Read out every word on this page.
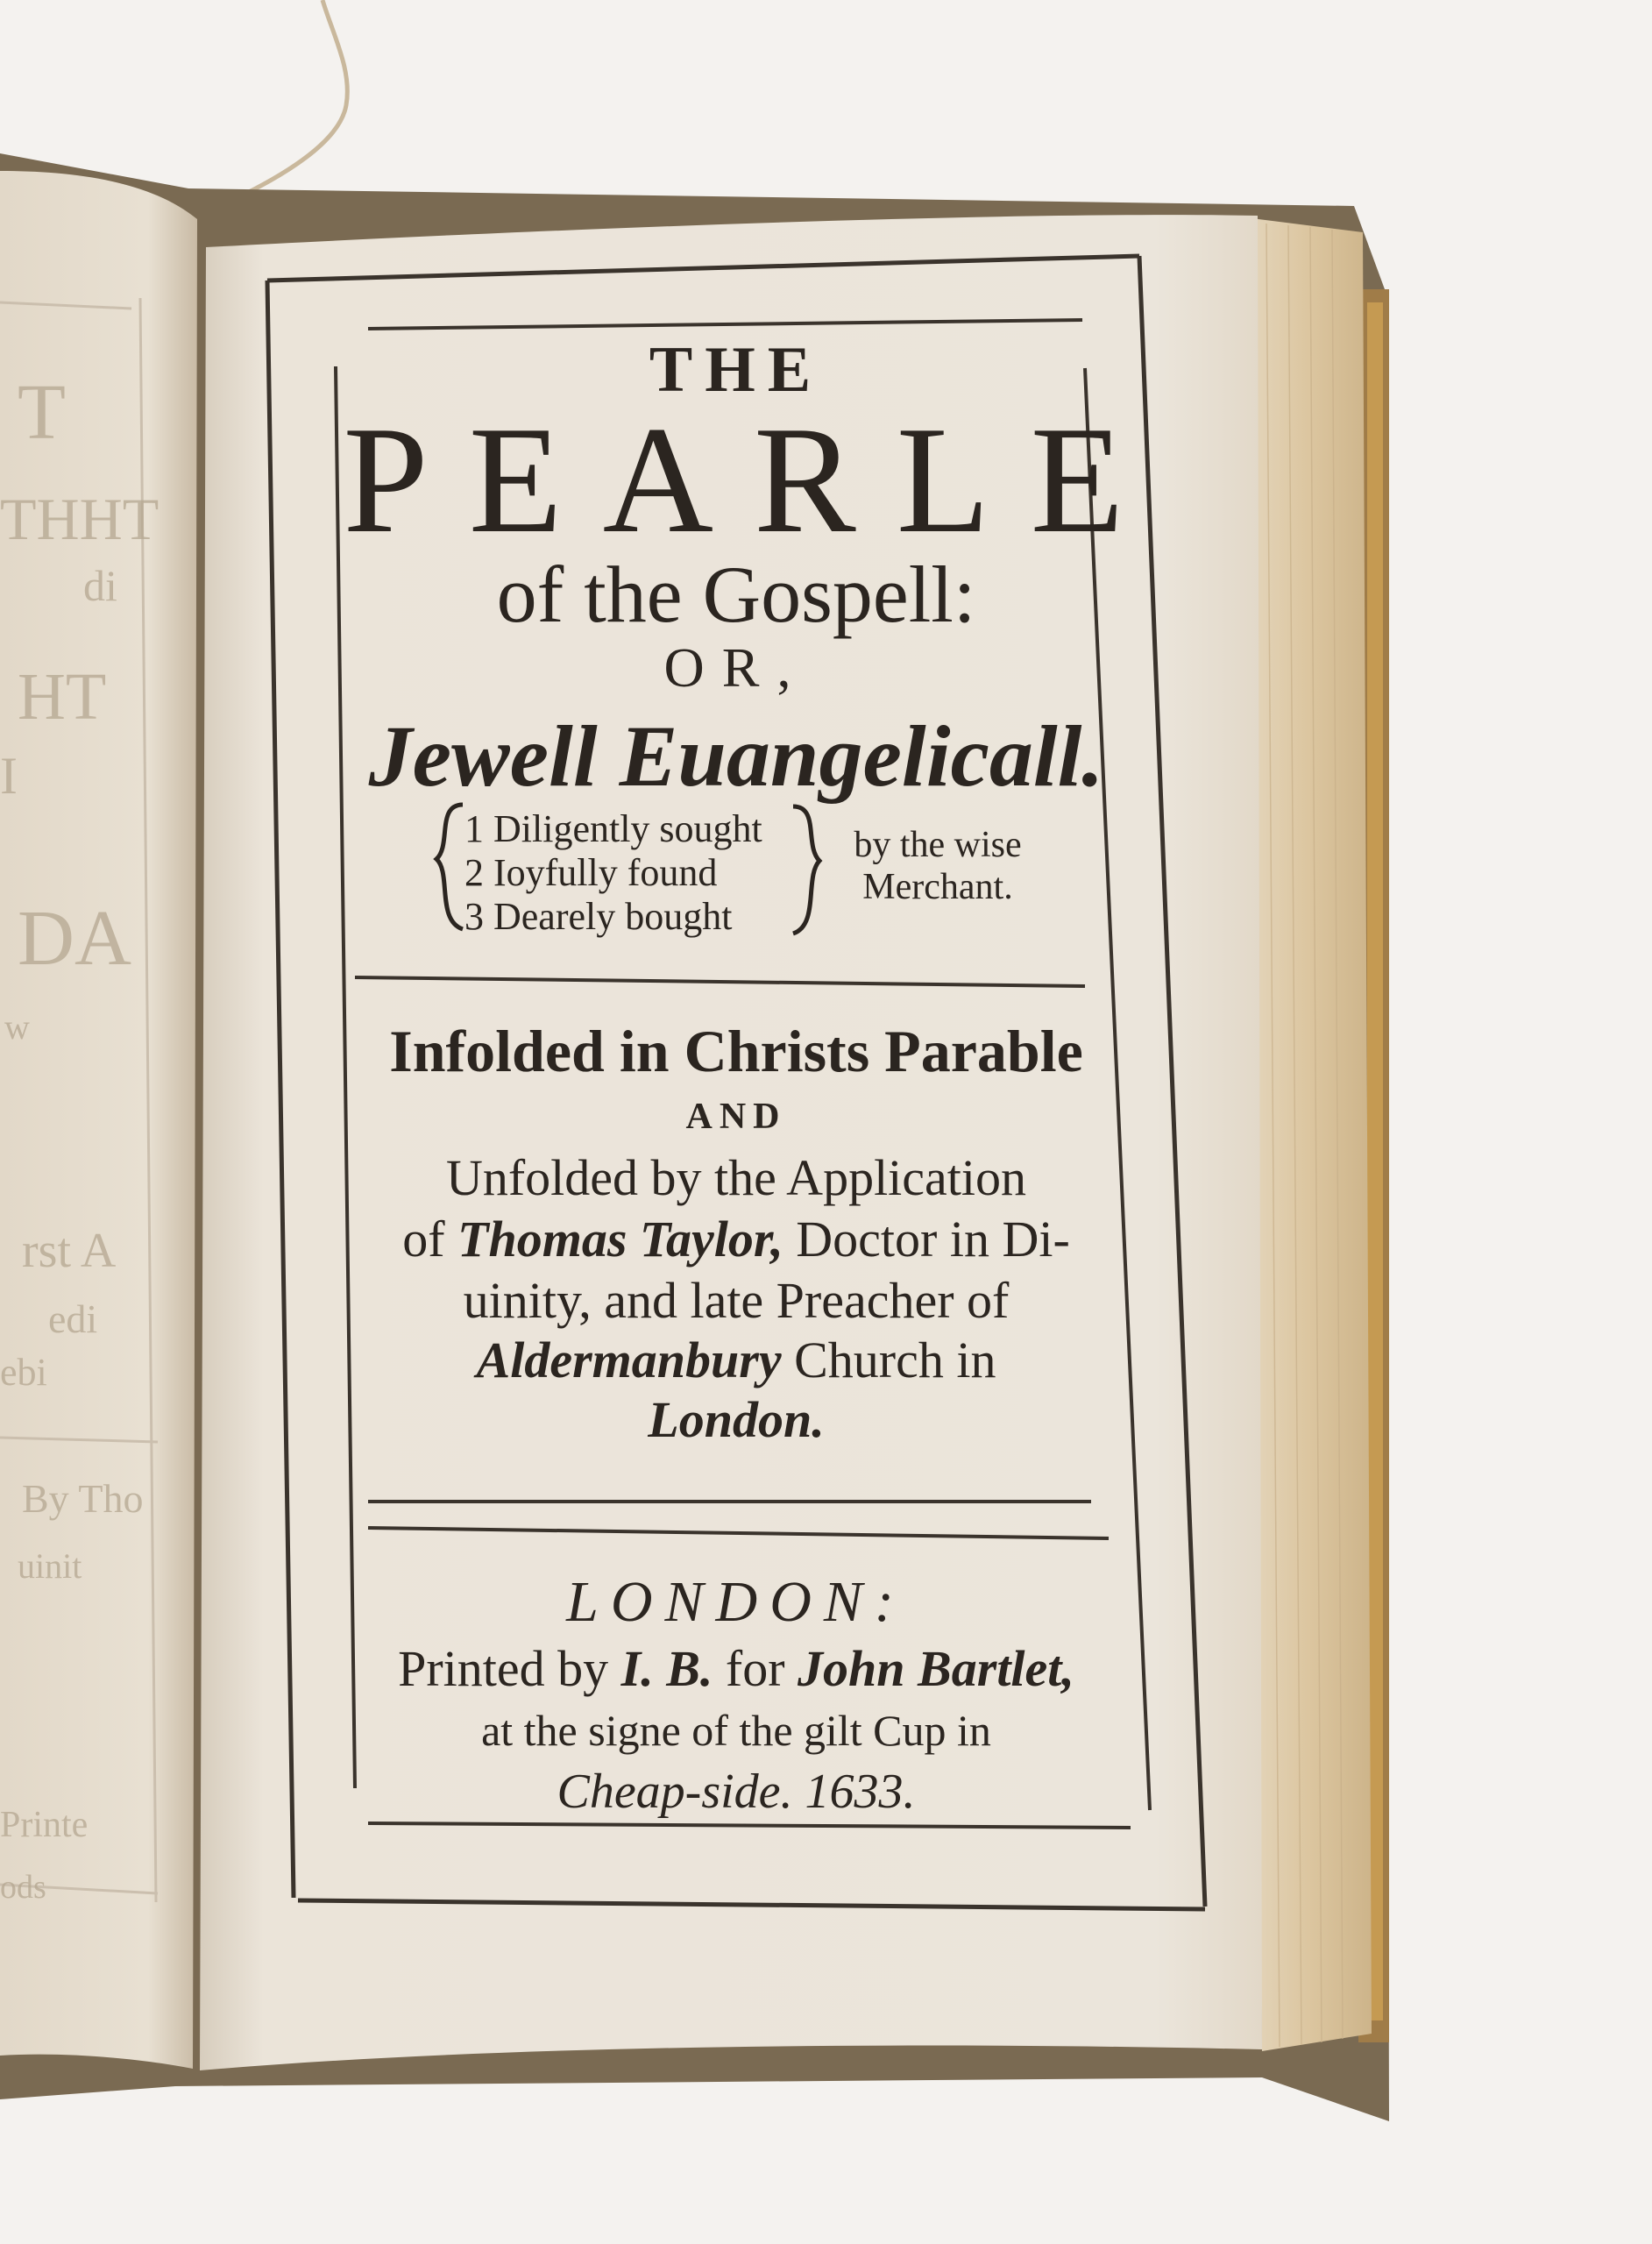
T
THHT
di
HT
I
DA
w
rst A
edi
ebi
By Tho
uinit
Printe
ods
THE
PEARLE
of the Gospell:
OR,
Jewell Euangelicall.
1 Diligently sought
2 Ioyfully found
3 Dearely bought
by the wise Merchant.
Infolded in Christs Parable
AND
Unfolded by the Application
of Thomas Taylor, Doctor in Di-
uinity, and late Preacher of
Aldermanbury Church in
London.
LONDON:
Printed by I. B. for John Bartlet,
at the signe of the gilt Cup in
Cheap-side. 1633.
